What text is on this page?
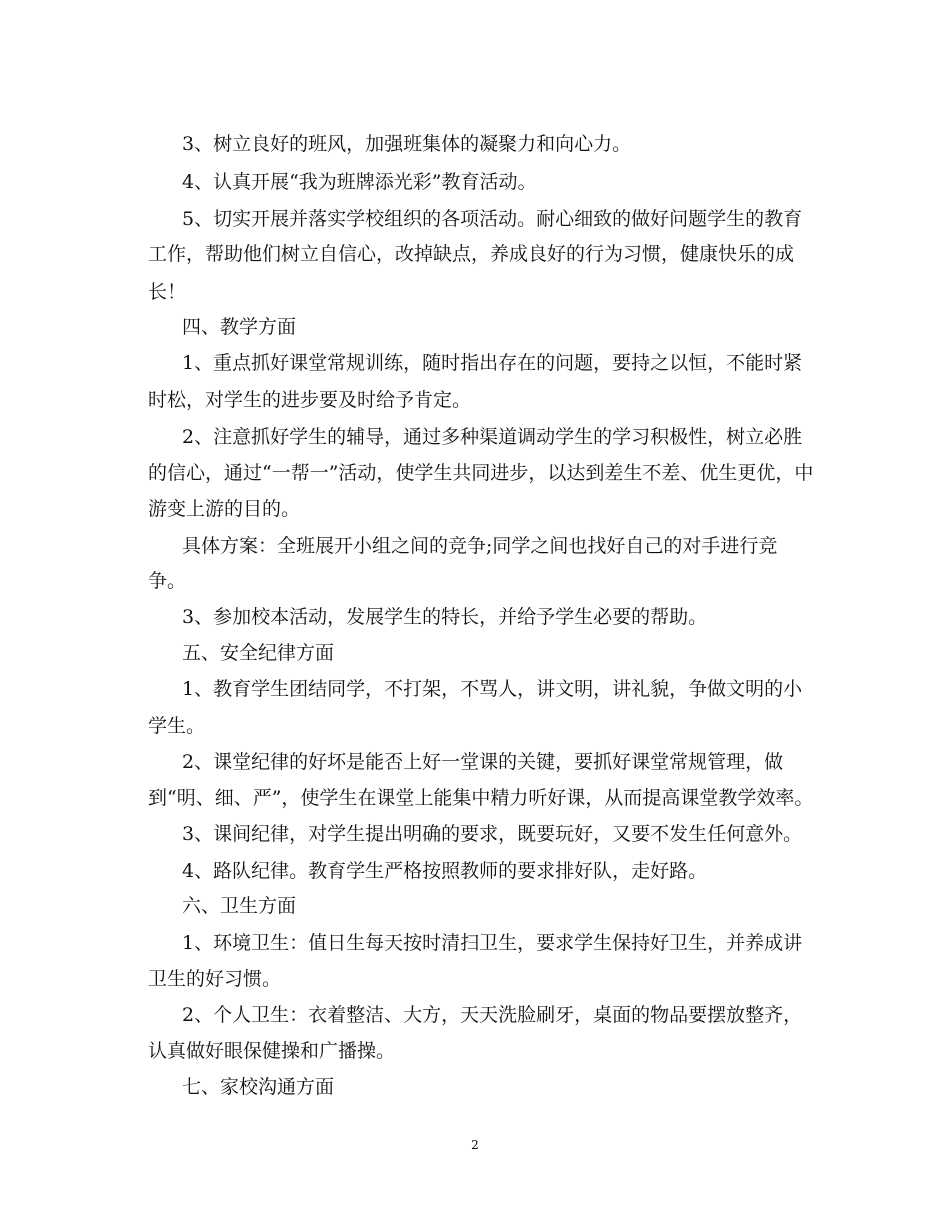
3、树立良好的班风，加强班集体的凝聚力和向心力。
4、认真开展“我为班牌添光彩”教育活动。
5、切实开展并落实学校组织的各项活动。耐心细致的做好问题学生的教育
工作，帮助他们树立自信心，改掉缺点，养成良好的行为习惯，健康快乐的成
长！
四、教学方面
1、重点抓好课堂常规训练，随时指出存在的问题，要持之以恒，不能时紧
时松，对学生的进步要及时给予肯定。
2、注意抓好学生的辅导，通过多种渠道调动学生的学习积极性，树立必胜
的信心，通过“一帮一”活动，使学生共同进步，以达到差生不差、优生更优，中
游变上游的目的。
具体方案：全班展开小组之间的竞争;同学之间也找好自己的对手进行竞
争。
3、参加校本活动，发展学生的特长，并给予学生必要的帮助。
五、安全纪律方面
1、教育学生团结同学，不打架，不骂人，讲文明，讲礼貌，争做文明的小
学生。
2、课堂纪律的好坏是能否上好一堂课的关键，要抓好课堂常规管理，做
到“明、细、严”，使学生在课堂上能集中精力听好课，从而提高课堂教学效率。
3、课间纪律，对学生提出明确的要求，既要玩好，又要不发生任何意外。
4、路队纪律。教育学生严格按照教师的要求排好队，走好路。
六、卫生方面
1、环境卫生：值日生每天按时清扫卫生，要求学生保持好卫生，并养成讲
卫生的好习惯。
2、个人卫生：衣着整洁、大方，天天洗脸刷牙，桌面的物品要摆放整齐，
认真做好眼保健操和广播操。
七、家校沟通方面
2
